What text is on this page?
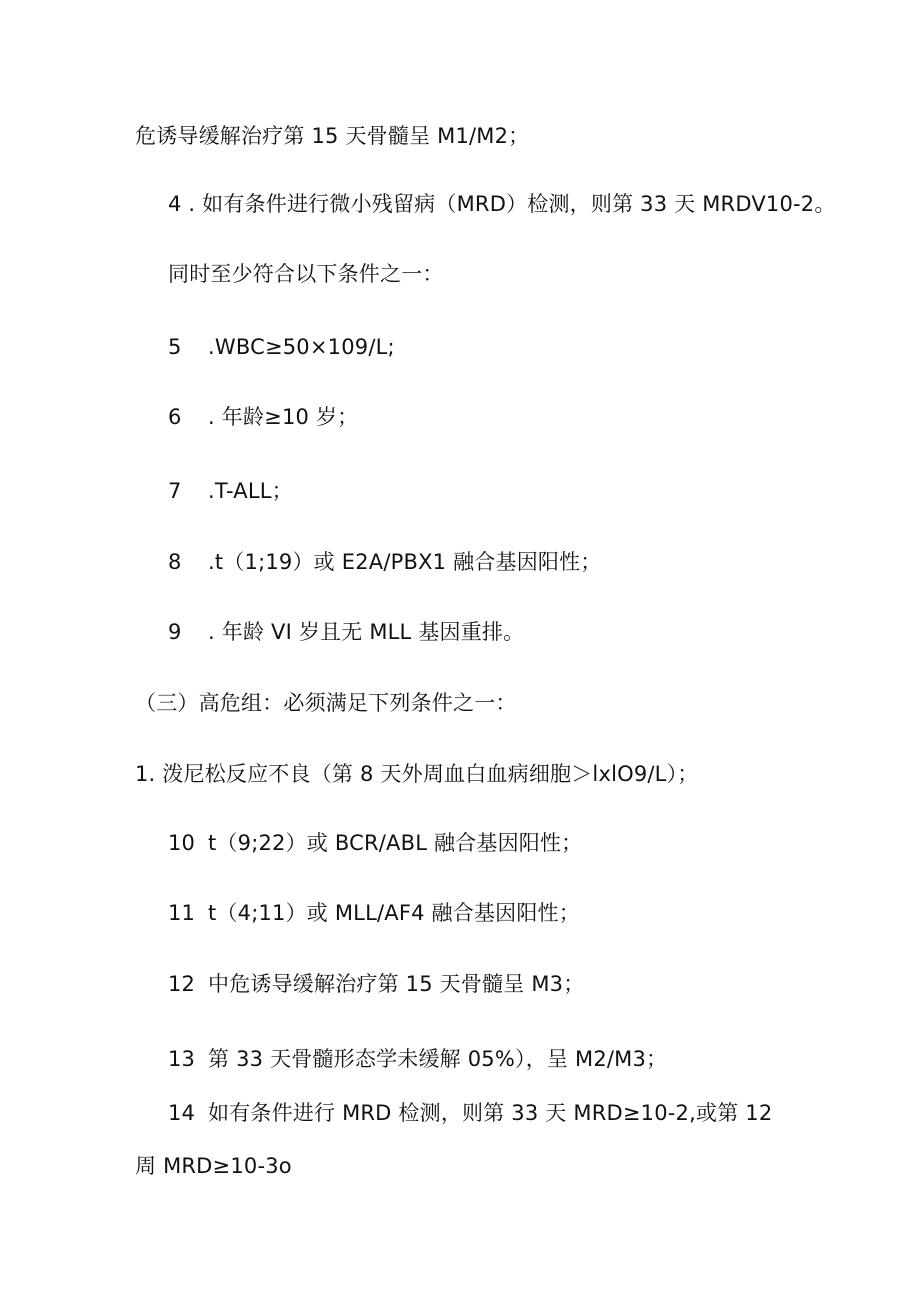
危诱导缓解治疗第 15 天骨髓呈 M1/M2；
4 . 如有条件进行微小残留病（MRD）检测，则第 33 天 MRDV10-2。
同时至少符合以下条件之一：
5 .WBC≥50×109∕L;
6 . 年龄≥10 岁；
7 .T-ALL；
8 .t（1;19）或 E2A/PBX1 融合基因阳性；
9 . 年龄 VI 岁且无 MLL 基因重排。
（三）高危组：必须满足下列条件之一：
1. 泼尼松反应不良（第 8 天外周血白血病细胞＞lxlO9∕L）；
10 t（9;22）或 BCR/ABL 融合基因阳性；
11 t（4;11）或 MLL/AF4 融合基因阳性；
12 中危诱导缓解治疗第 15 天骨髓呈 M3；
13 第 33 天骨髓形态学未缓解 05%），呈 M2/M3；
14 如有条件进行 MRD 检测，则第 33 天 MRD≥10-2,或第 12
周 MRD≥10-3o
